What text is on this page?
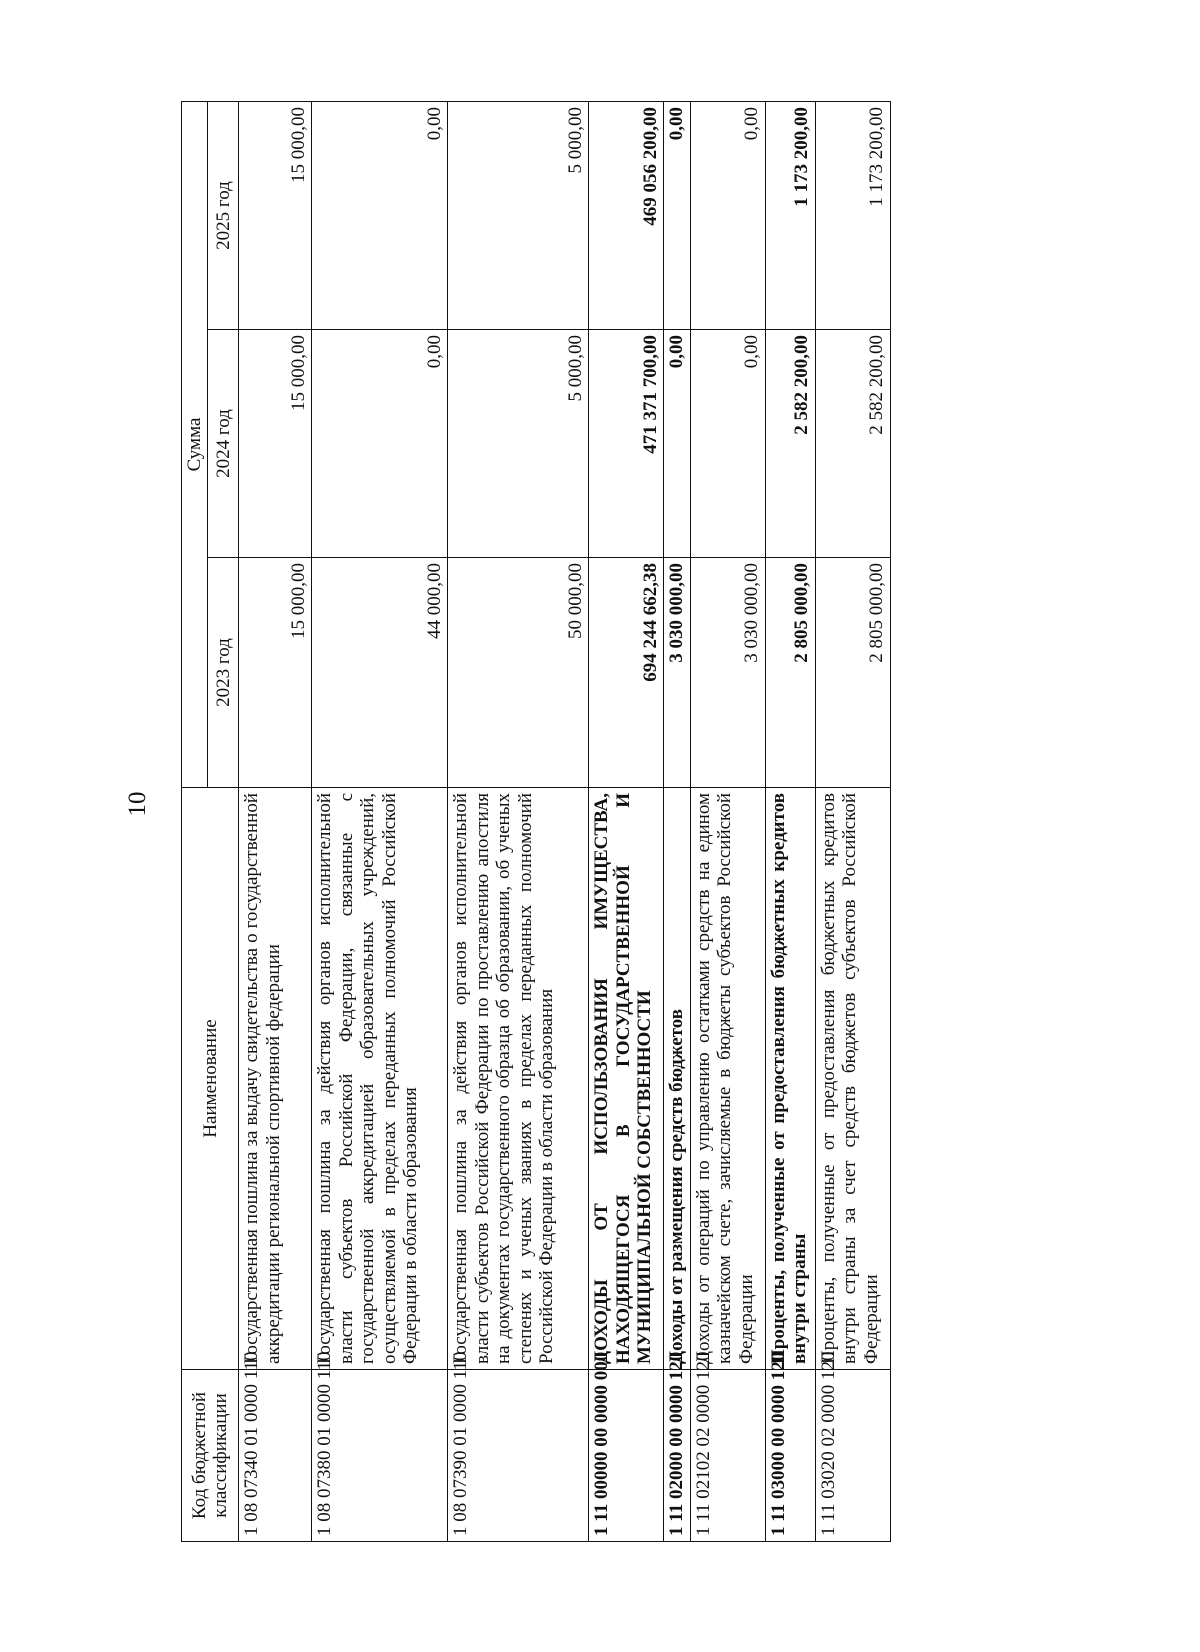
10
Код бюджетной классификации	Наименование	Сумма		
		2023 год	2024 год	2025 год
1 08 07340 01 0000 110	Государственная пошлина за выдачу свидетельства о государственной аккредитации региональной спортивной федерации	15 000,00	15 000,00	15 000,00
1 08 07380 01 0000 110	Государственная пошлина за действия органов исполнительной власти субъектов Российской Федерации, связанные с государственной аккредитацией образовательных учреждений, осуществляемой в пределах переданных полномочий Российской Федерации в области образования	44 000,00	0,00	0,00
1 08 07390 01 0000 110	Государственная пошлина за действия органов исполнительной власти субъектов Российской Федерации по проставлению апостиля на документах государственного образца об образовании, об ученых степенях и ученых званиях в пределах переданных полномочий Российской Федерации в области образования	50 000,00	5 000,00	5 000,00
1 11 00000 00 0000 000	ДОХОДЫ ОТ ИСПОЛЬЗОВАНИЯ ИМУЩЕСТВА, НАХОДЯЩЕГОСЯ В ГОСУДАРСТВЕННОЙ И МУНИЦИПАЛЬНОЙ СОБСТВЕННОСТИ	694 244 662,38	471 371 700,00	469 056 200,00
1 11 02000 00 0000 120	Доходы от размещения средств бюджетов	3 030 000,00	0,00	0,00
1 11 02102 02 0000 120	Доходы от операций по управлению остатками средств на едином казначейском счете, зачисляемые в бюджеты субъектов Российской Федерации	3 030 000,00	0,00	0,00
1 11 03000 00 0000 120	Проценты, полученные от предоставления бюджетных кредитов внутри страны	2 805 000,00	2 582 200,00	1 173 200,00
1 11 03020 02 0000 120	Проценты, полученные от предоставления бюджетных кредитов внутри страны за счет средств бюджетов субъектов Российской Федерации	2 805 000,00	2 582 200,00	1 173 200,00
